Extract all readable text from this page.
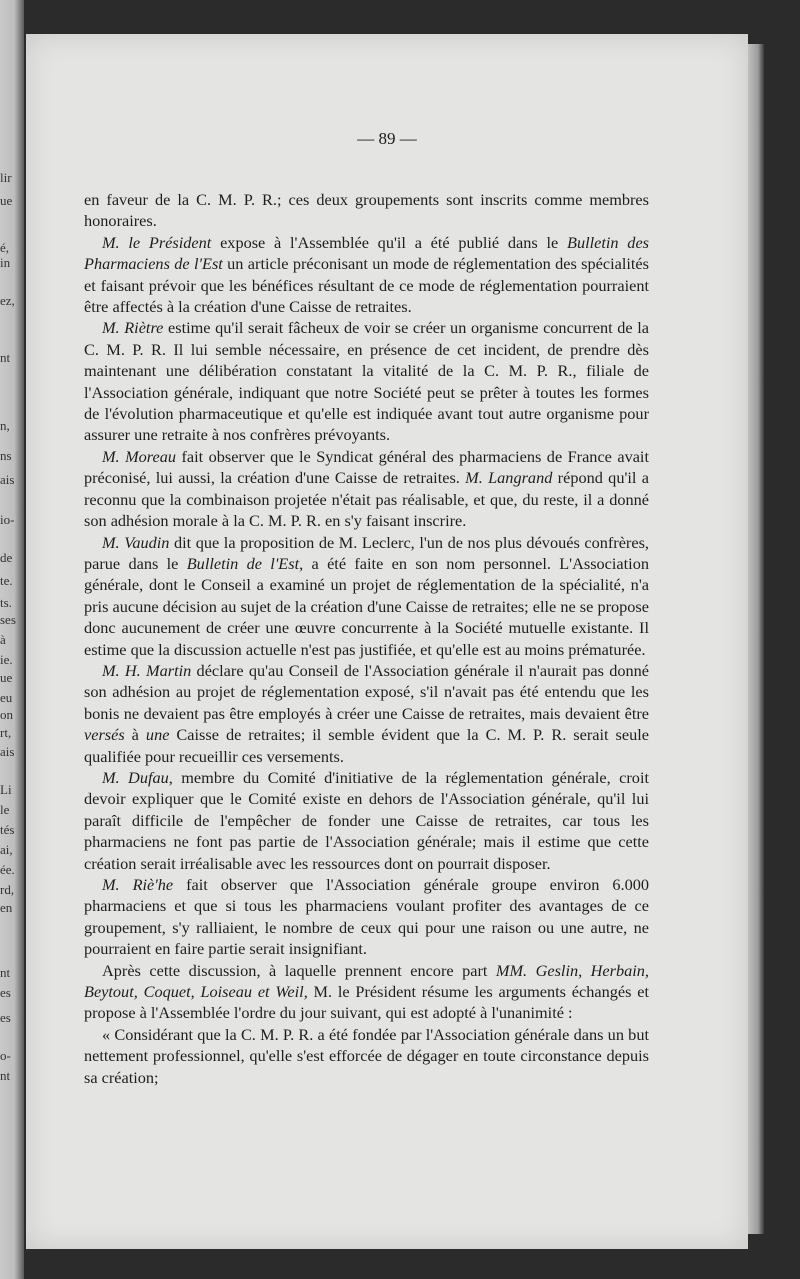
lir
ue
é,
in
ez,
nt
n,
ns
ais
io-
de
te.
ts.
ses
à
ie.
ue
eu
on
rt,
ais
Li
le
tés
ai,
ée.
rd,
en
nt
es
es
o-
nt
— 89 —

en faveur de la C. M. P. R.; ces deux groupements sont inscrits comme membres honoraires.

M. le Président expose à l'Assemblée qu'il a été publié dans le Bulletin des Pharmaciens de l'Est un article préconisant un mode de réglementation des spécialités et faisant prévoir que les bénéfices résultant de ce mode de réglementation pourraient être affectés à la création d'une Caisse de retraites.

M. Riètre estime qu'il serait fâcheux de voir se créer un organisme concurrent de la C. M. P. R. Il lui semble nécessaire, en présence de cet incident, de prendre dès maintenant une délibération constatant la vitalité de la C. M. P. R., filiale de l'Association générale, indiquant que notre Société peut se prêter à toutes les formes de l'évolution pharmaceutique et qu'elle est indiquée avant tout autre organisme pour assurer une retraite à nos confrères prévoyants.

M. Moreau fait observer que le Syndicat général des pharmaciens de France avait préconisé, lui aussi, la création d'une Caisse de retraites. M. Langrand répond qu'il a reconnu que la combinaison projetée n'était pas réalisable, et que, du reste, il a donné son adhésion morale à la C. M. P. R. en s'y faisant inscrire.

M. Vaudin dit que la proposition de M. Leclerc, l'un de nos plus dévoués confrères, parue dans le Bulletin de l'Est, a été faite en son nom personnel. L'Association générale, dont le Conseil a examiné un projet de réglementation de la spécialité, n'a pris aucune décision au sujet de la création d'une Caisse de retraites; elle ne se propose donc aucunement de créer une œuvre concurrente à la Société mutuelle existante. Il estime que la discussion actuelle n'est pas justifiée, et qu'elle est au moins prématurée.

M. H. Martin déclare qu'au Conseil de l'Association générale il n'aurait pas donné son adhésion au projet de réglementation exposé, s'il n'avait pas été entendu que les bonis ne devaient pas être employés à créer une Caisse de retraites, mais devaient être versés à une Caisse de retraites; il semble évident que la C. M. P. R. serait seule qualifiée pour recueillir ces versements.

M. Dufau, membre du Comité d'initiative de la réglementation générale, croit devoir expliquer que le Comité existe en dehors de l'Association générale, qu'il lui paraît difficile de l'empêcher de fonder une Caisse de retraites, car tous les pharmaciens ne font pas partie de l'Association générale; mais il estime que cette création serait irréalisable avec les ressources dont on pourrait disposer.

M. Riè'he fait observer que l'Association générale groupe environ 6.000 pharmaciens et que si tous les pharmaciens voulant profiter des avantages de ce groupement, s'y ralliaient, le nombre de ceux qui pour une raison ou une autre, ne pourraient en faire partie serait insignifiant.

Après cette discussion, à laquelle prennent encore part MM. Geslin, Herbain, Beytout, Coquet, Loiseau et Weil, M. le Président résume les arguments échangés et propose à l'Assemblée l'ordre du jour suivant, qui est adopté à l'unanimité :

« Considérant que la C. M. P. R. a été fondée par l'Association générale dans un but nettement professionnel, qu'elle s'est efforcée de dégager en toute circonstance depuis sa création;
